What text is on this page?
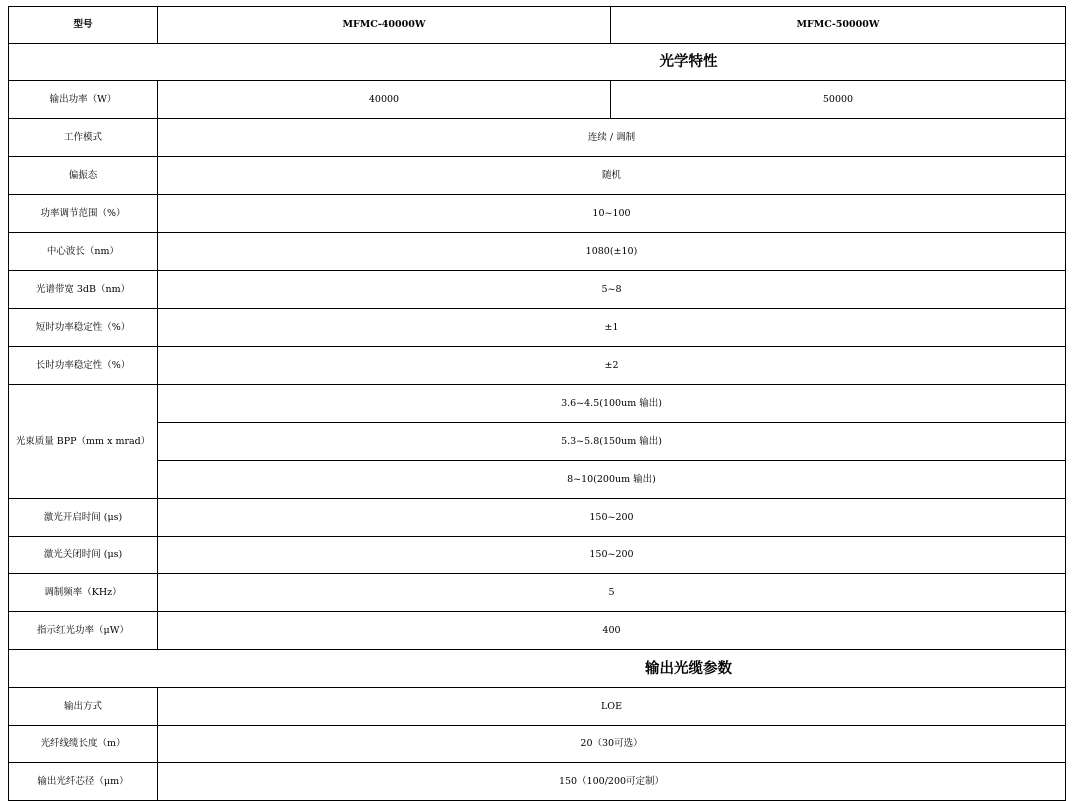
型号	MFMC-40000W	MFMC-50000W
光学特性		
输出功率（W）	40000	50000
工作模式	连续 / 调制	
偏振态	随机	
功率调节范围（%）	10~100	
中心波长（nm）	1080(±10)	
光谱带宽 3dB（nm）	5~8	
短时功率稳定性（%）	±1	
长时功率稳定性（%）	±2	
光束质量 BPP（mm x mrad）	3.6~4.5(100um 输出)	
	5.3~5.8(150um 输出)	
	8~10(200um 输出)	
激光开启时间 (μs)	150~200	
激光关闭时间 (μs)	150~200	
调制频率（KHz）	5	
指示红光功率（μW）	400	
输出光缆参数		
输出方式	LOE	
光纤线缆长度（m）	20（30可选）	
输出光纤芯径（μm）	150（100/200可定制）	
